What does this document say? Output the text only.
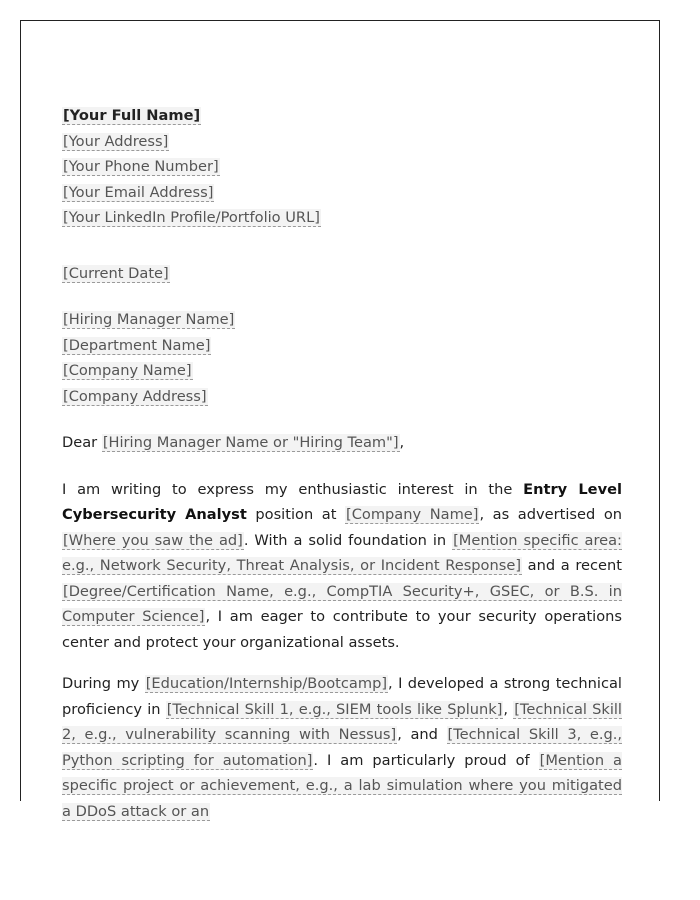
[Your Full Name]
[Your Address]
[Your Phone Number]
[Your Email Address]
[Your LinkedIn Profile/Portfolio URL]
[Current Date]
[Hiring Manager Name]
[Department Name]
[Company Name]
[Company Address]
Dear [Hiring Manager Name or "Hiring Team"],

I am writing to express my enthusiastic interest in the Entry Level Cybersecurity Analyst position at [Company Name], as advertised on [Where you saw the ad]. With a solid foundation in [Mention specific area: e.g., Network Security, Threat Analysis, or Incident Response] and a recent [Degree/Certification Name, e.g., CompTIA Security+, GSEC, or B.S. in Computer Science], I am eager to contribute to your security operations center and protect your organizational assets.

During my [Education/Internship/Bootcamp], I developed a strong technical proficiency in [Technical Skill 1, e.g., SIEM tools like Splunk], [Technical Skill 2, e.g., vulnerability scanning with Nessus], and [Technical Skill 3, e.g., Python scripting for automation]. I am particularly proud of [Mention a specific project or achievement, e.g., a lab simulation where you mitigated a DDoS attack or an
